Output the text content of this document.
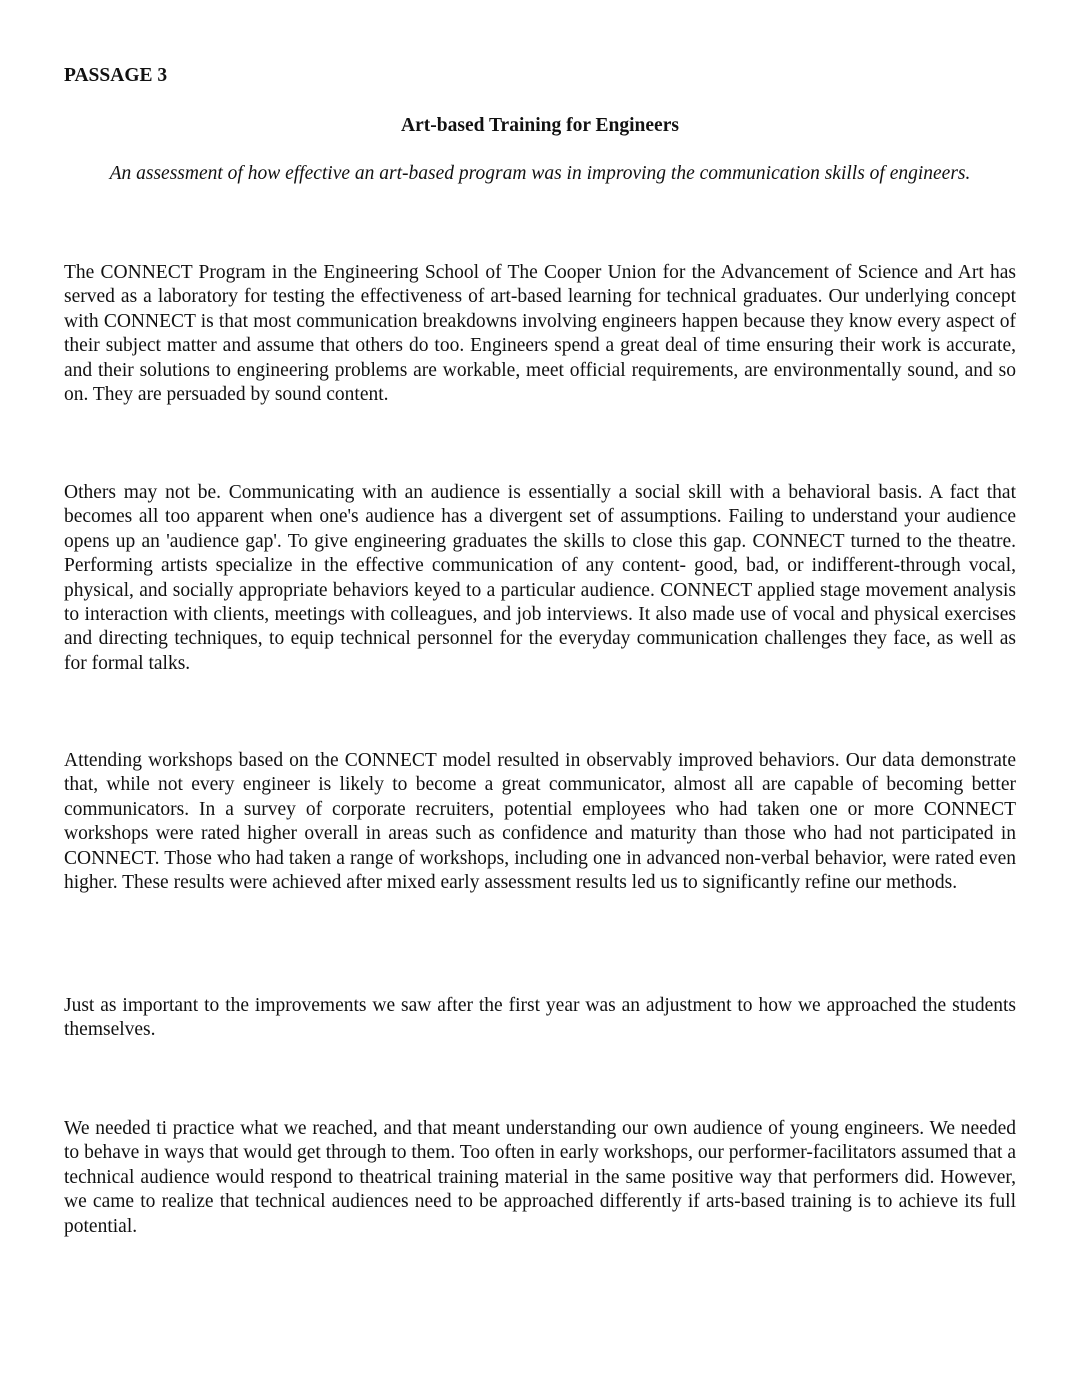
PASSAGE 3

Art-based Training for Engineers

An assessment of how effective an art-based program was in improving the communication skills of engineers.

The CONNECT Program in the Engineering School of The Cooper Union for the Advancement of Science and Art has served as a laboratory for testing the effectiveness of art-based learning for technical graduates. Our underlying concept with CONNECT is that most communication breakdowns involving engineers happen because they know every aspect of their subject matter and assume that others do too. Engineers spend a great deal of time ensuring their work is accurate, and their solutions to engineering problems are workable, meet official requirements, are environmentally sound, and so on. They are persuaded by sound content.

Others may not be. Communicating with an audience is essentially a social skill with a behavioral basis. A fact that becomes all too apparent when one's audience has a divergent set of assumptions. Failing to understand your audience opens up an 'audience gap'. To give engineering graduates the skills to close this gap. CONNECT turned to the theatre. Performing artists specialize in the effective communication of any content- good, bad, or indifferent-through vocal, physical, and socially appropriate behaviors keyed to a particular audience. CONNECT applied stage movement analysis to interaction with clients, meetings with colleagues, and job interviews. It also made use of vocal and physical exercises and directing techniques, to equip technical personnel for the everyday communication challenges they face, as well as for formal talks.

Attending workshops based on the CONNECT model resulted in observably improved behaviors. Our data demonstrate that, while not every engineer is likely to become a great communicator, almost all are capable of becoming better communicators. In a survey of corporate recruiters, potential employees who had taken one or more CONNECT workshops were rated higher overall in areas such as confidence and maturity than those who had not participated in CONNECT. Those who had taken a range of workshops, including one in advanced non-verbal behavior, were rated even higher. These results were achieved after mixed early assessment results led us to significantly refine our methods.

Just as important to the improvements we saw after the first year was an adjustment to how we approached the students themselves.

We needed ti practice what we reached, and that meant understanding our own audience of young engineers. We needed to behave in ways that would get through to them. Too often in early workshops, our performer-facilitators assumed that a technical audience would respond to theatrical training material in the same positive way that performers did. However, we came to realize that technical audiences need to be approached differently if arts-based training is to achieve its full potential.
